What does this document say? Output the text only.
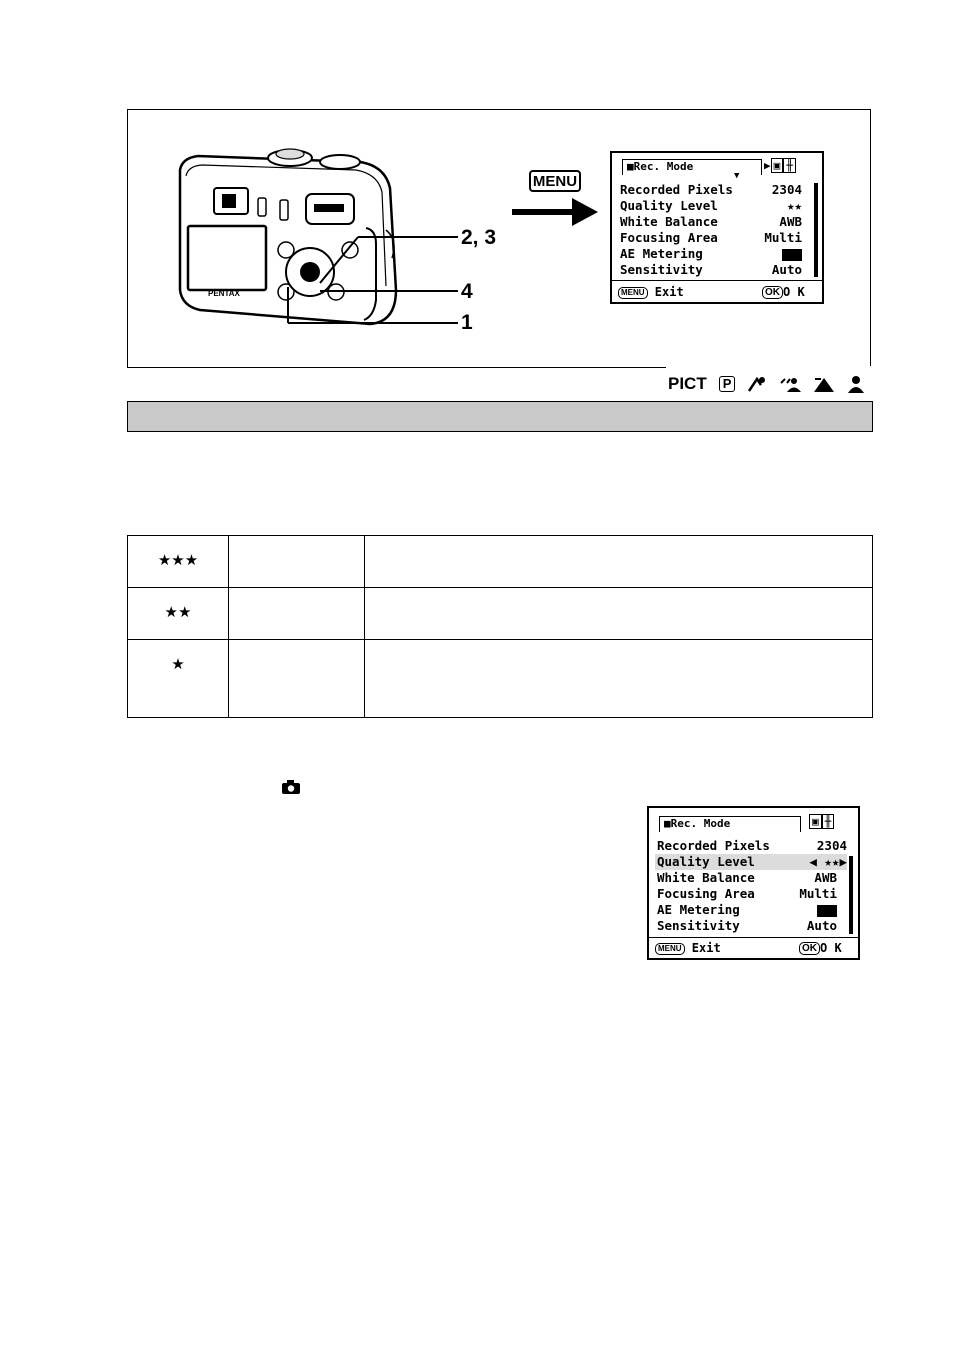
PENTAX
2, 3
4
1
MENU
■Rec. Mode	▶ ▣ ╫
▼
Recorded Pixels	2304
Quality Level	★★
White Balance	AWB
Focusing Area	Multi
AE Metering
Sensitivity	Auto
MENU Exit	OK O K
PICT	P
★★★		
★★		
★		
■Rec. Mode	▣ ╫
Recorded Pixels	2304
Quality Level	◀ ★★▶
White Balance	AWB
Focusing Area	Multi
AE Metering
Sensitivity	Auto
MENU Exit	OK O K
